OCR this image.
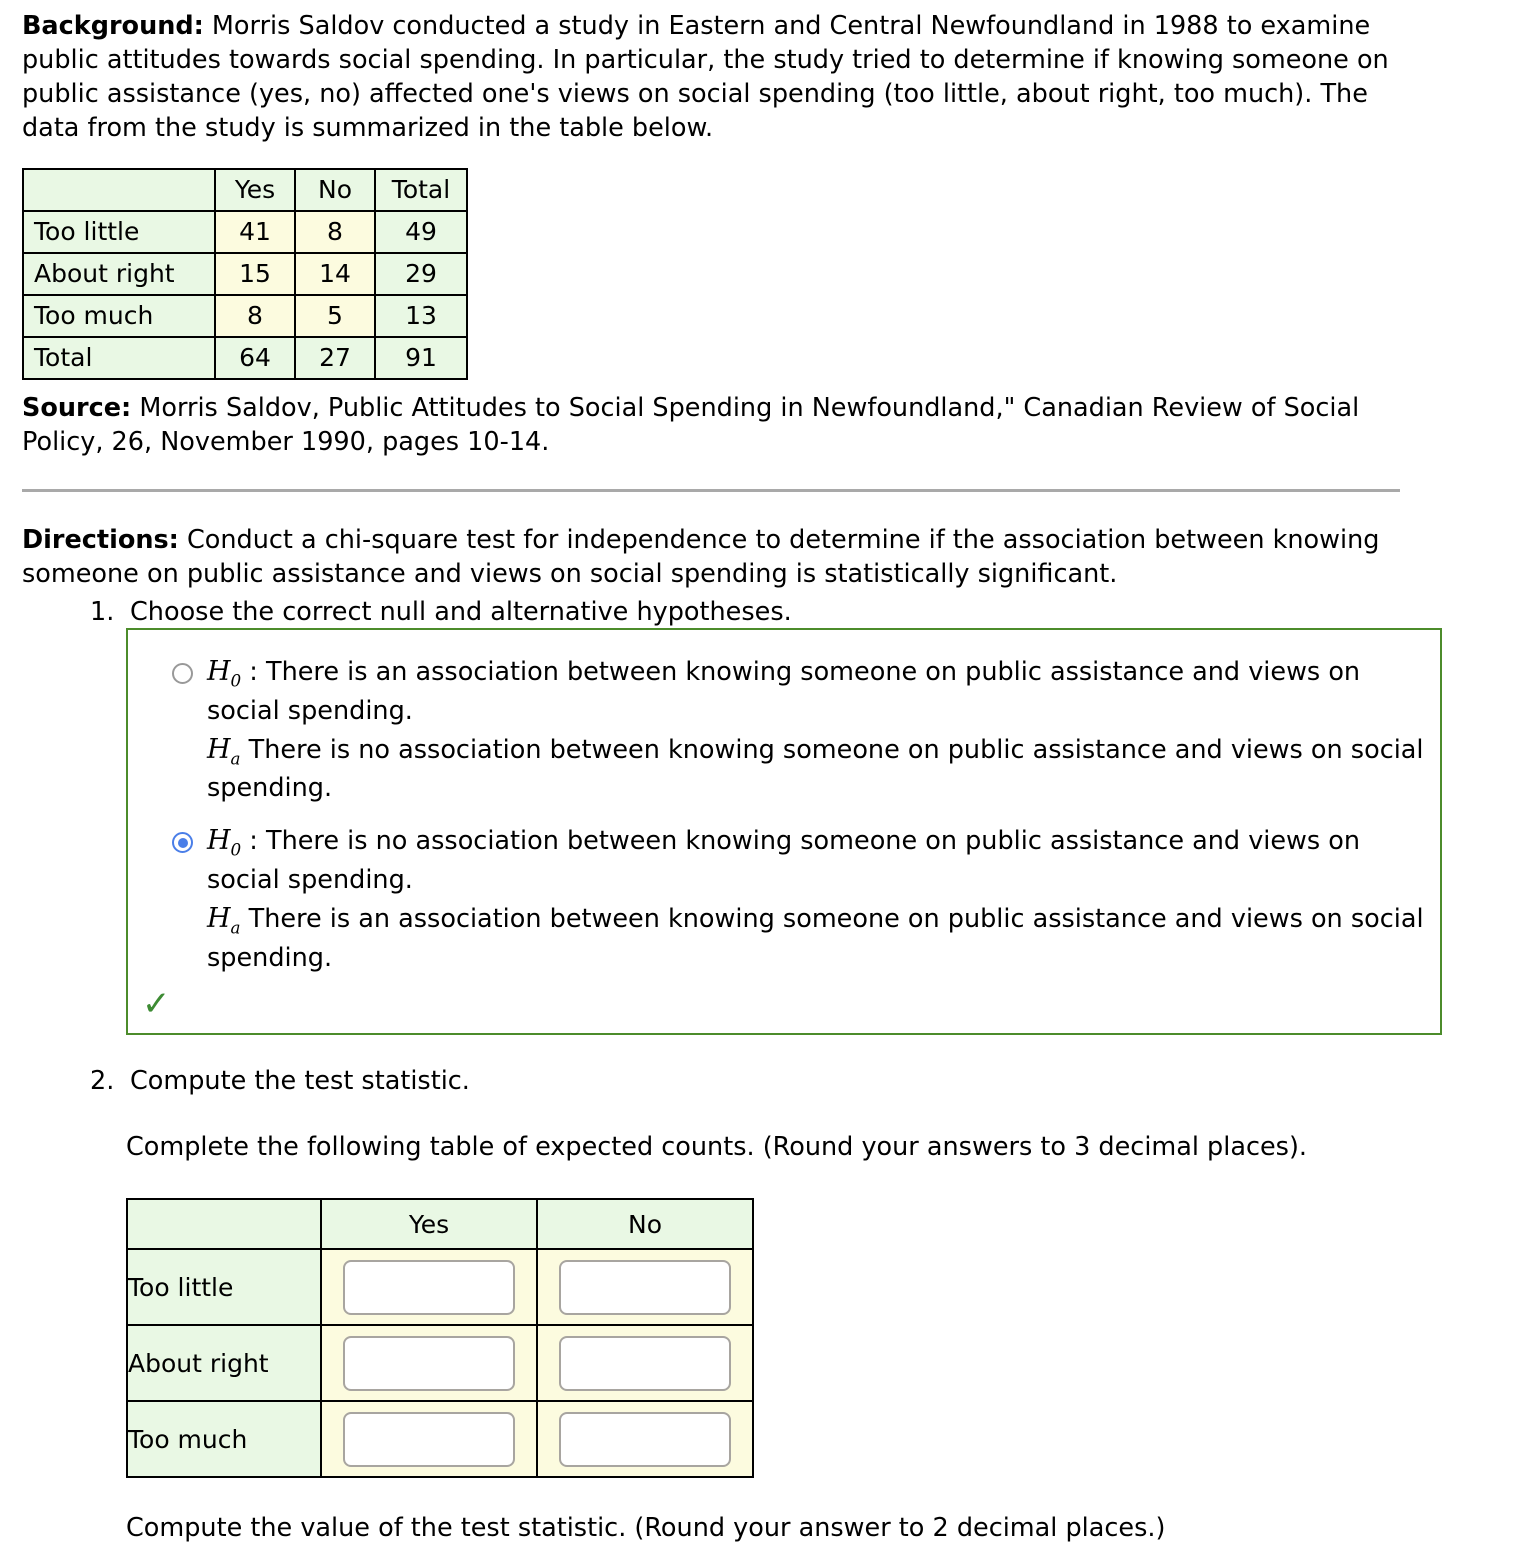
Background: Morris Saldov conducted a study in Eastern and Central Newfoundland in 1988 to examine public attitudes towards social spending. In particular, the study tried to determine if knowing someone on public assistance (yes, no) affected one's views on social spending (too little, about right, too much). The data from the study is summarized in the table below.

	Yes	No	Total
Too little	41	8	49
About right	15	14	29
Too much	8	5	13
Total	64	27	91

Source: Morris Saldov, Public Attitudes to Social Spending in Newfoundland," Canadian Review of Social Policy, 26, November 1990, pages 10-14.

Directions: Conduct a chi-square test for independence to determine if the association between knowing someone on public assistance and views on social spending is statistically significant.

1. Choose the correct null and alternative hypotheses.
$H_0$ : There is an association between knowing someone on public assistance and views on social spending.
$H_a$ There is no association between knowing someone on public assistance and views on social spending.
$H_0$ : There is no association between knowing someone on public assistance and views on social spending.
$H_a$ There is an association between knowing someone on public assistance and views on social spending.
✓
2. Compute the test statistic.

Complete the following table of expected counts. (Round your answers to 3 decimal places).

	Yes	No
Too little		
About right		
Too much		

Compute the value of the test statistic. (Round your answer to 2 decimal places.)
